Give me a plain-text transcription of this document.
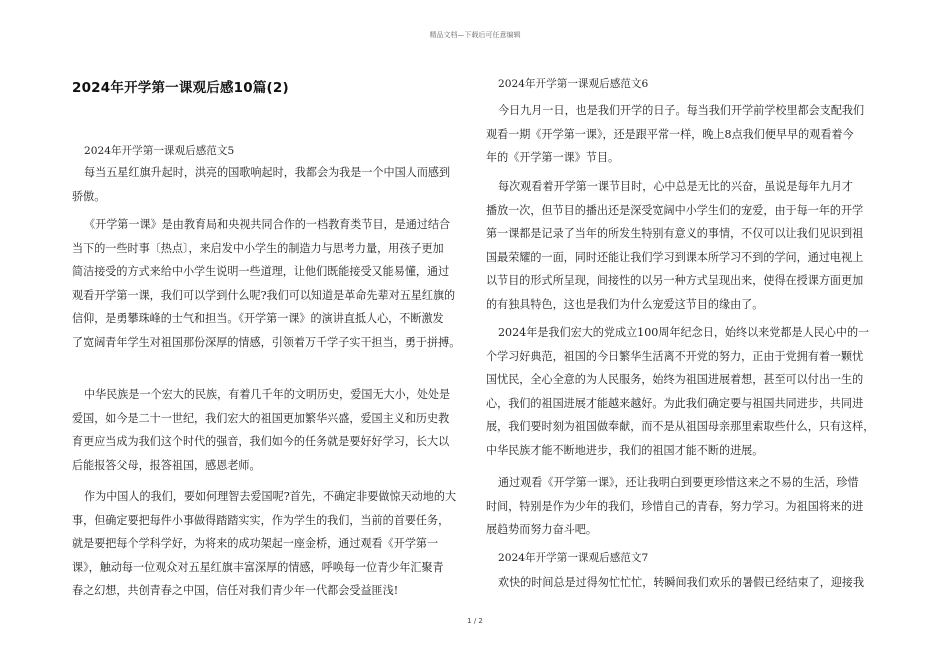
精品文档—下载后可任意编辑
2024年开学第一课观后感10篇(2)
2024年开学第一课观后感范文5
每当五星红旗升起时，洪亮的国歌响起时，我都会为我是一个中国人而感到
骄傲。
《开学第一课》是由教育局和央视共同合作的一档教育类节目，是通过结合
当下的一些时事〔热点〕，来启发中小学生的制造力与思考力量，用孩子更加
简洁接受的方式来给中小学生说明一些道理，让他们既能接受又能易懂，通过
观看开学第一课，我们可以学到什么呢?我们可以知道是革命先辈对五星红旗的
信仰，是勇攀珠峰的士气和担当。《开学第一课》的演讲直抵人心，不断激发
了宽阔青年学生对祖国那份深厚的情感，引领着万千学子实干担当，勇于拼搏。
中华民族是一个宏大的民族，有着几千年的文明历史，爱国无大小，处处是
爱国，如今是二十一世纪，我们宏大的祖国更加繁华兴盛，爱国主义和历史教
育更应当成为我们这个时代的强音，我们如今的任务就是要好好学习，长大以
后能报答父母，报答祖国，感恩老师。
作为中国人的我们，要如何理智去爱国呢?首先，不确定非要做惊天动地的大
事，但确定要把每件小事做得踏踏实实，作为学生的我们，当前的首要任务，
就是要把每个学科学好，为将来的成功架起一座金桥，通过观看《开学第一
课》，触动每一位观众对五星红旗丰富深厚的情感，呼唤每一位青少年汇聚青
春之幻想，共创青春之中国，信任对我们青少年一代都会受益匪浅!
2024年开学第一课观后感范文6
今日九月一日，也是我们开学的日子。每当我们开学前学校里都会支配我们
观看一期《开学第一课》，还是跟平常一样，晚上8点我们便早早的观看着今
年的《开学第一课》节目。
每次观看着开学第一课节目时，心中总是无比的兴奋，虽说是每年九月才
播放一次，但节目的播出还是深受宽阔中小学生们的宠爱，由于每一年的开学
第一课都是记录了当年的所发生特别有意义的事情，不仅可以让我们见识到祖
国最荣耀的一面，同时还能让我们学习到课本所学习不到的学问，通过电视上
以节目的形式所呈现，间接性的以另一种方式呈现出来，使得在授课方面更加
的有独具特色，这也是我们为什么宠爱这节目的缘由了。
2024年是我们宏大的党成立100周年纪念日，始终以来党都是人民心中的一
个学习好典范，祖国的今日繁华生活离不开党的努力，正由于党拥有着一颗忧
国忧民，全心全意的为人民服务，始终为祖国进展着想，甚至可以付出一生的
心，我们的祖国进展才能越来越好。为此我们确定要与祖国共同进步，共同进
展，我们要时刻为祖国做奉献，而不是从祖国母亲那里索取些什么，只有这样，
中华民族才能不断地进步，我们的祖国才能不断的进展。
通过观看《开学第一课》，还让我明白到要更珍惜这来之不易的生活，珍惜
时间，特别是作为少年的我们，珍惜自己的青春，努力学习。为祖国将来的进
展趋势而努力奋斗吧。
2024年开学第一课观后感范文7
欢快的时间总是过得匆忙忙忙，转瞬间我们欢乐的暑假已经结束了，迎接我
1 / 2
